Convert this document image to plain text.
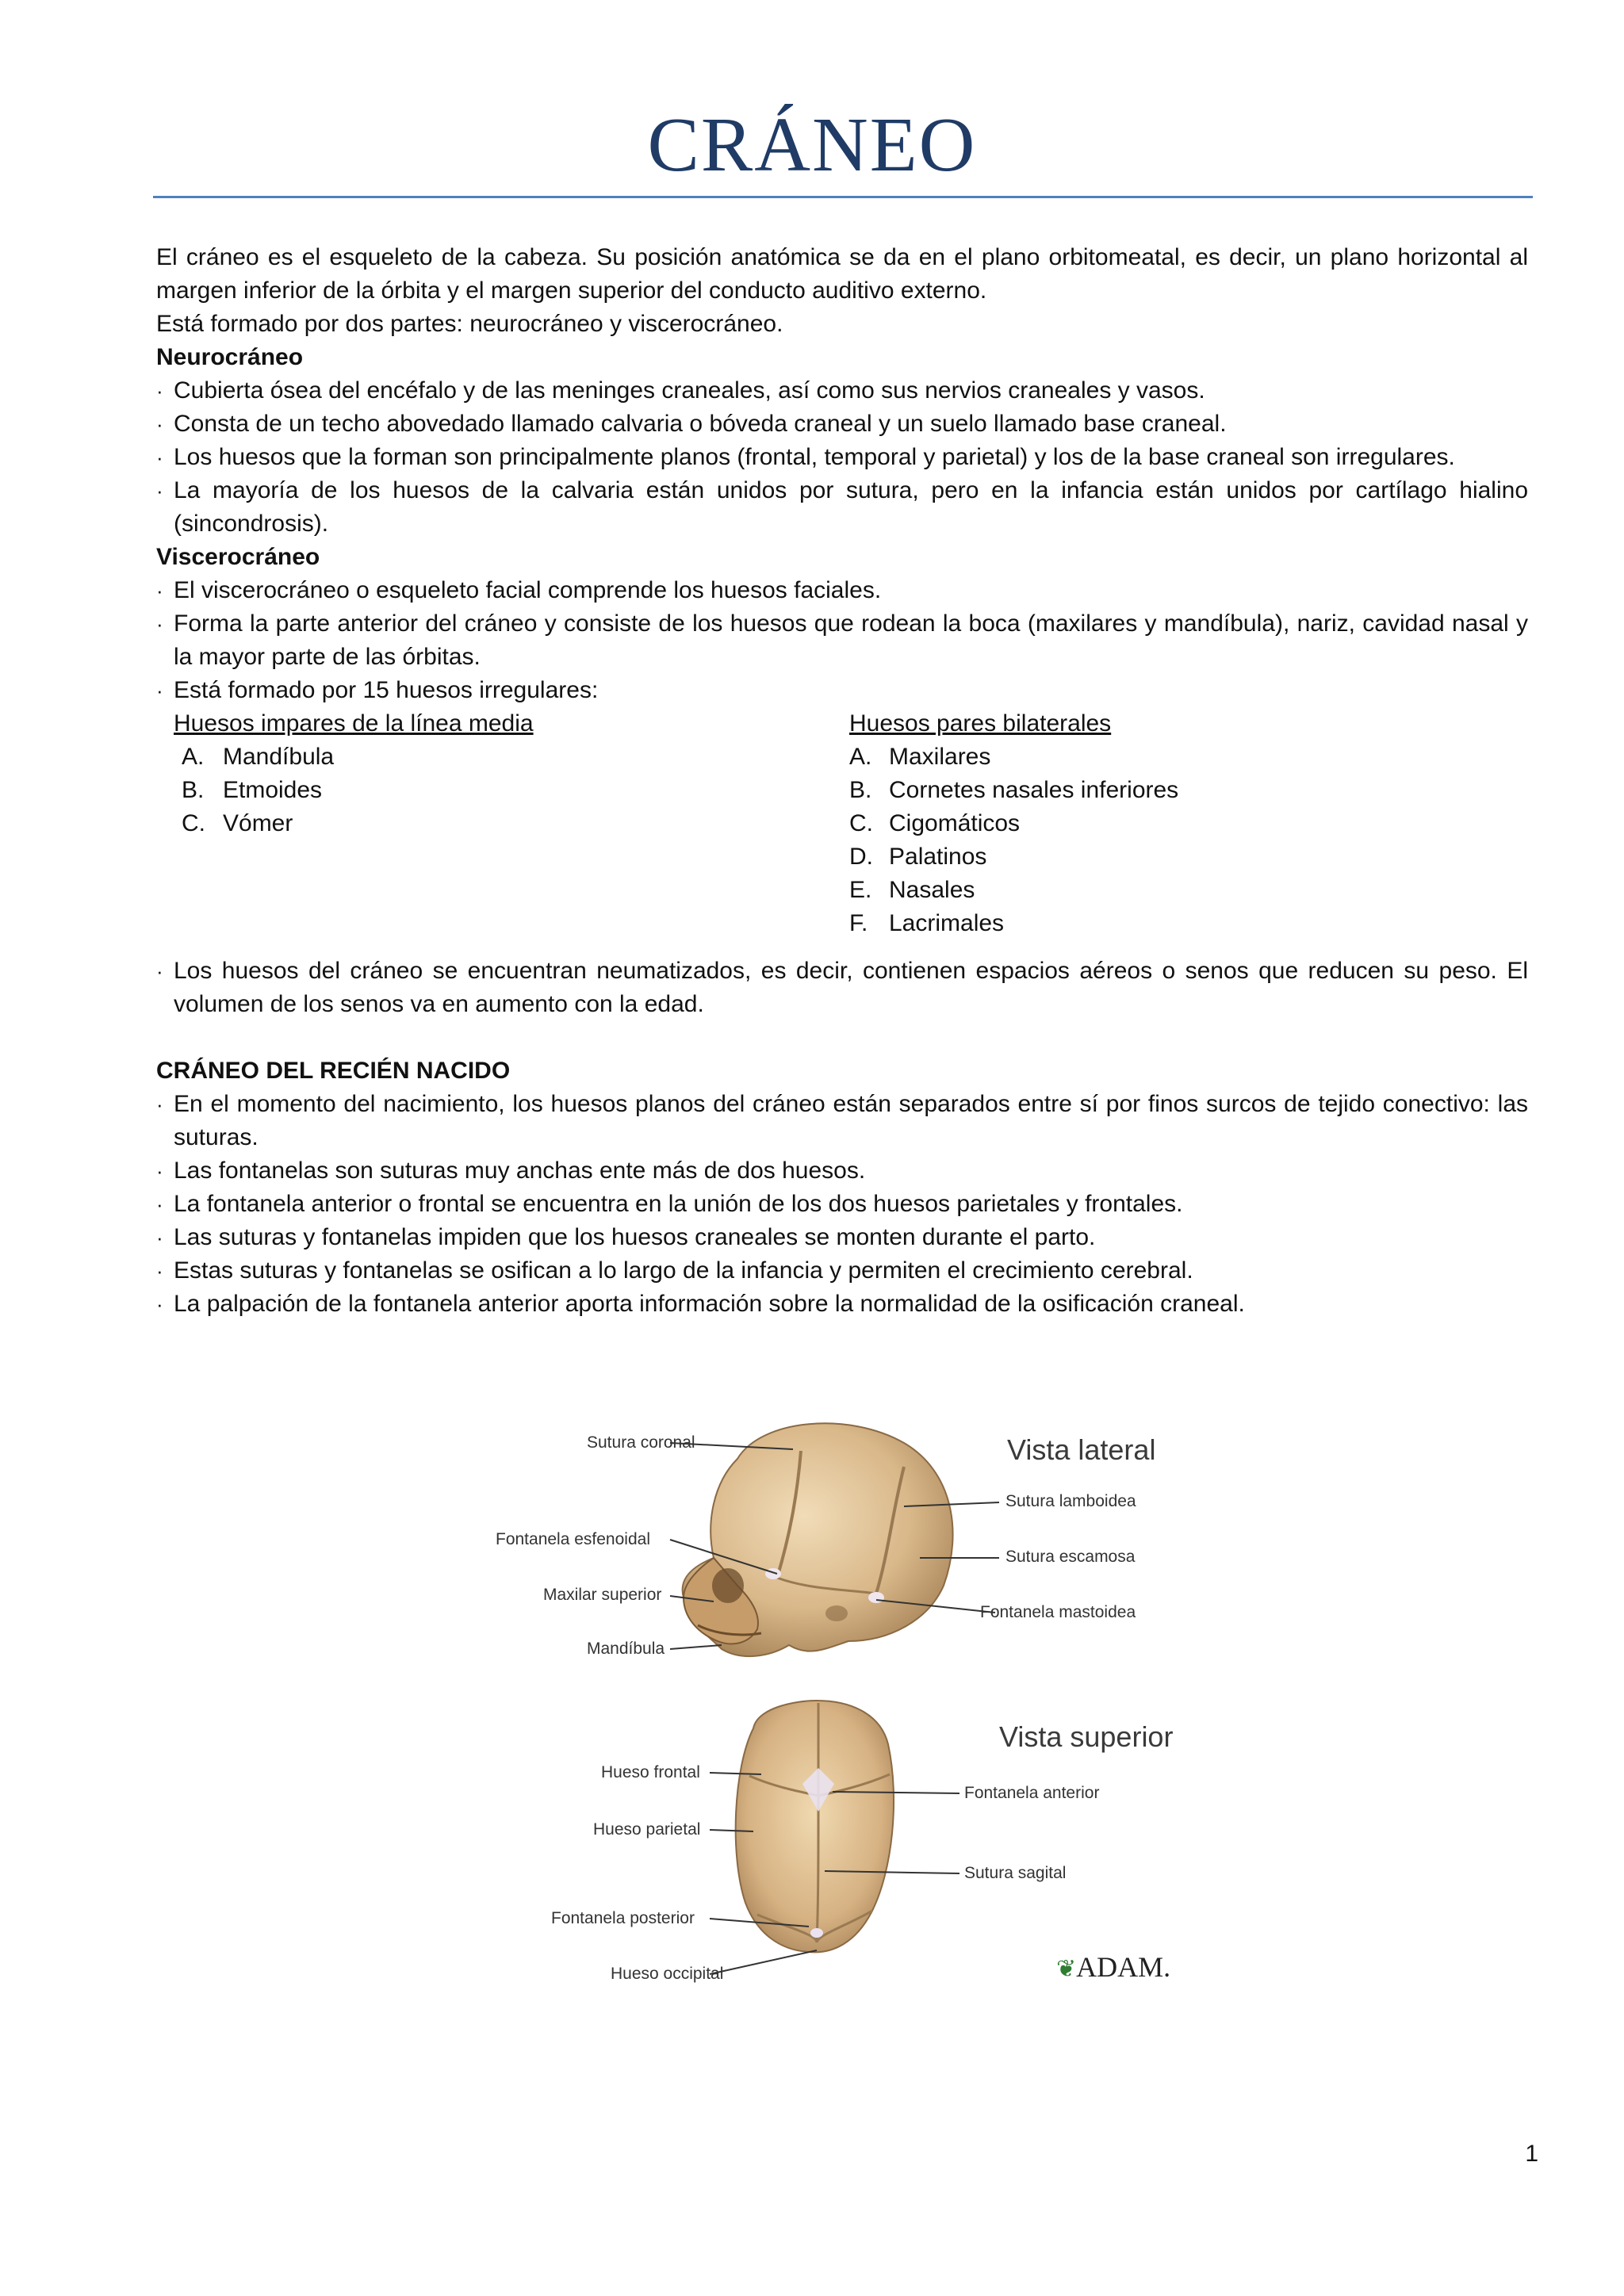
CRÁNEO

El cráneo es el esqueleto de la cabeza. Su posición anatómica se da en el plano orbitomeatal, es decir, un plano horizontal al margen inferior de la órbita y el margen superior del conducto auditivo externo.

Está formado por dos partes: neurocráneo y viscerocráneo.

Neurocráneo

· Cubierta ósea del encéfalo y de las meninges craneales, así como sus nervios craneales y vasos.

· Consta de un techo abovedado llamado calvaria o bóveda craneal y un suelo llamado base craneal.

· Los huesos que la forman son principalmente planos (frontal, temporal y parietal) y los de la base craneal son irregulares.

· La mayoría de los huesos de la calvaria están unidos por sutura, pero en la infancia están unidos por cartílago hialino (sincondrosis).

Viscerocráneo

· El viscerocráneo o esqueleto facial comprende los huesos faciales.

· Forma la parte anterior del cráneo y consiste de los huesos que rodean la boca (maxilares y mandíbula), nariz, cavidad nasal y la mayor parte de las órbitas.

· Está formado por 15 huesos irregulares:

Huesos impares de la línea media

A. Mandíbula

B. Etmoides

C. Vómer

Huesos pares bilaterales

A. Maxilares

B. Cornetes nasales inferiores

C. Cigomáticos

D. Palatinos

E. Nasales

F. Lacrimales

· Los huesos del cráneo se encuentran neumatizados, es decir, contienen espacios aéreos o senos que reducen su peso. El volumen de los senos va en aumento con la edad.

CRÁNEO DEL RECIÉN NACIDO

· En el momento del nacimiento, los huesos planos del cráneo están separados entre sí por finos surcos de tejido conectivo: las suturas.

· Las fontanelas son suturas muy anchas ente más de dos huesos.

· La fontanela anterior o frontal se encuentra en la unión de los dos huesos parietales y frontales.

· Las suturas y fontanelas impiden que los huesos craneales se monten durante el parto.

· Estas suturas y fontanelas se osifican a lo largo de la infancia y permiten el crecimiento cerebral.

· La palpación de la fontanela anterior aporta información sobre la normalidad de la osificación craneal.

Vista lateral
Sutura coronal
Fontanela esfenoidal
Maxilar superior
Mandíbula
Sutura lamboidea
Sutura escamosa
Fontanela mastoidea
Vista superior
Hueso frontal
Hueso parietal
Fontanela posterior
Hueso occipital
Fontanela anterior
Sutura sagital
❦ADAM.
1
